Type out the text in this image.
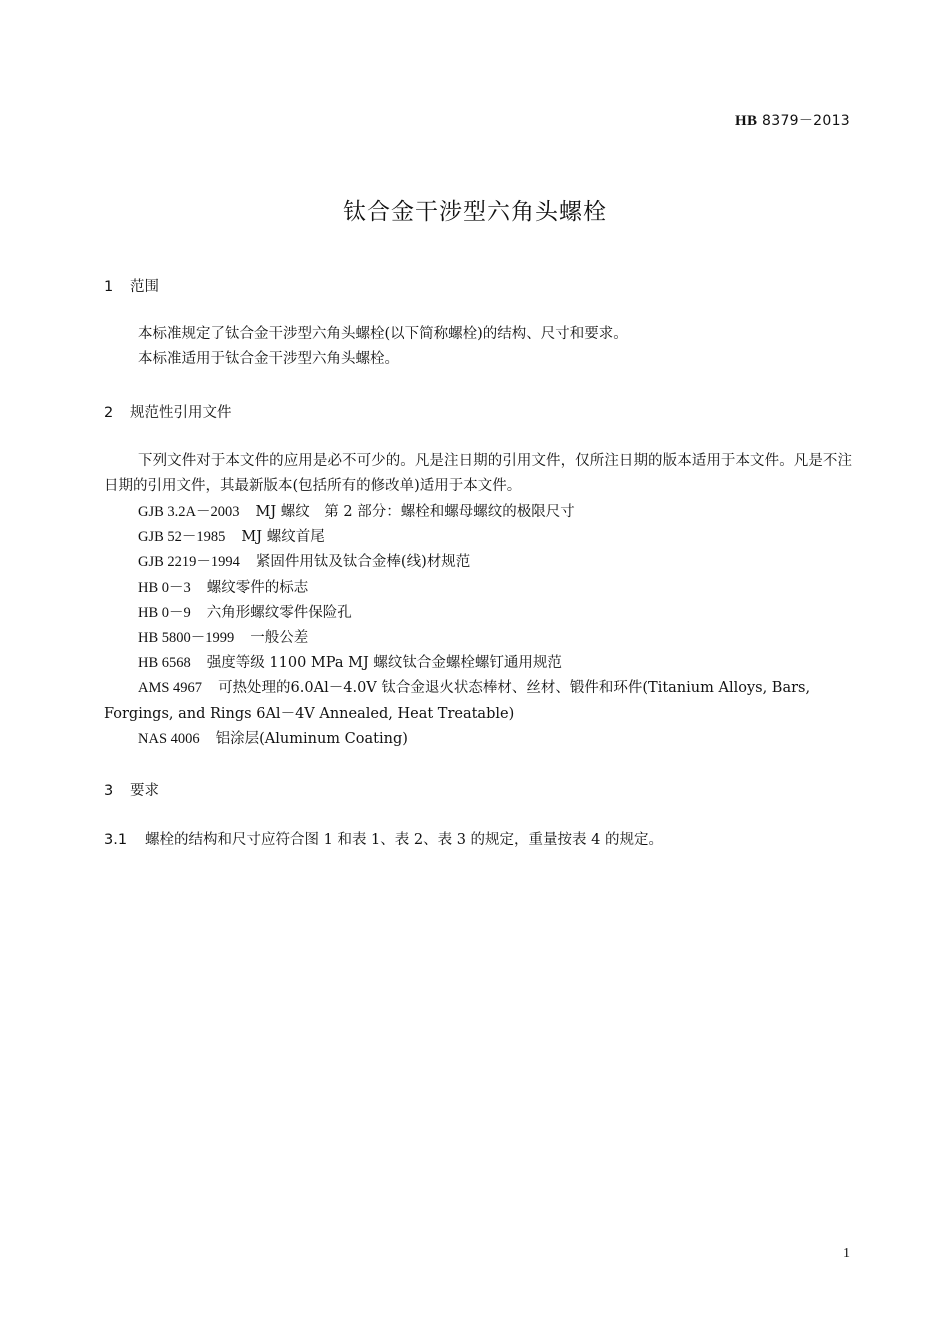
HB 8379－2013
钛合金干涉型六角头螺栓
1 范围

本标准规定了钛合金干涉型六角头螺栓(以下简称螺栓)的结构、尺寸和要求。

本标准适用于钛合金干涉型六角头螺栓。

2 规范性引用文件

下列文件对于本文件的应用是必不可少的。凡是注日期的引用文件，仅所注日期的版本适用于本文件。凡是不注日期的引用文件，其最新版本(包括所有的修改单)适用于本文件。

GJB 3.2A－2003 MJ 螺纹　第 2 部分：螺栓和螺母螺纹的极限尺寸
GJB 52－1985 MJ 螺纹首尾
GJB 2219－1994 紧固件用钛及钛合金棒(线)材规范
HB 0－3 螺纹零件的标志
HB 0－9 六角形螺纹零件保险孔
HB 5800－1999 一般公差
HB 6568 强度等级 1100 MPa MJ 螺纹钛合金螺栓螺钉通用规范
AMS 4967 可热处理的6.0Al－4.0V 钛合金退火状态棒材、丝材、锻件和环件(Titanium Alloys, Bars, Forgings, and Rings 6Al－4V Annealed, Heat Treatable)
NAS 4006 铝涂层(Aluminum Coating)
3 要求
3.1 螺栓的结构和尺寸应符合图 1 和表 1、表 2、表 3 的规定，重量按表 4 的规定。
1
